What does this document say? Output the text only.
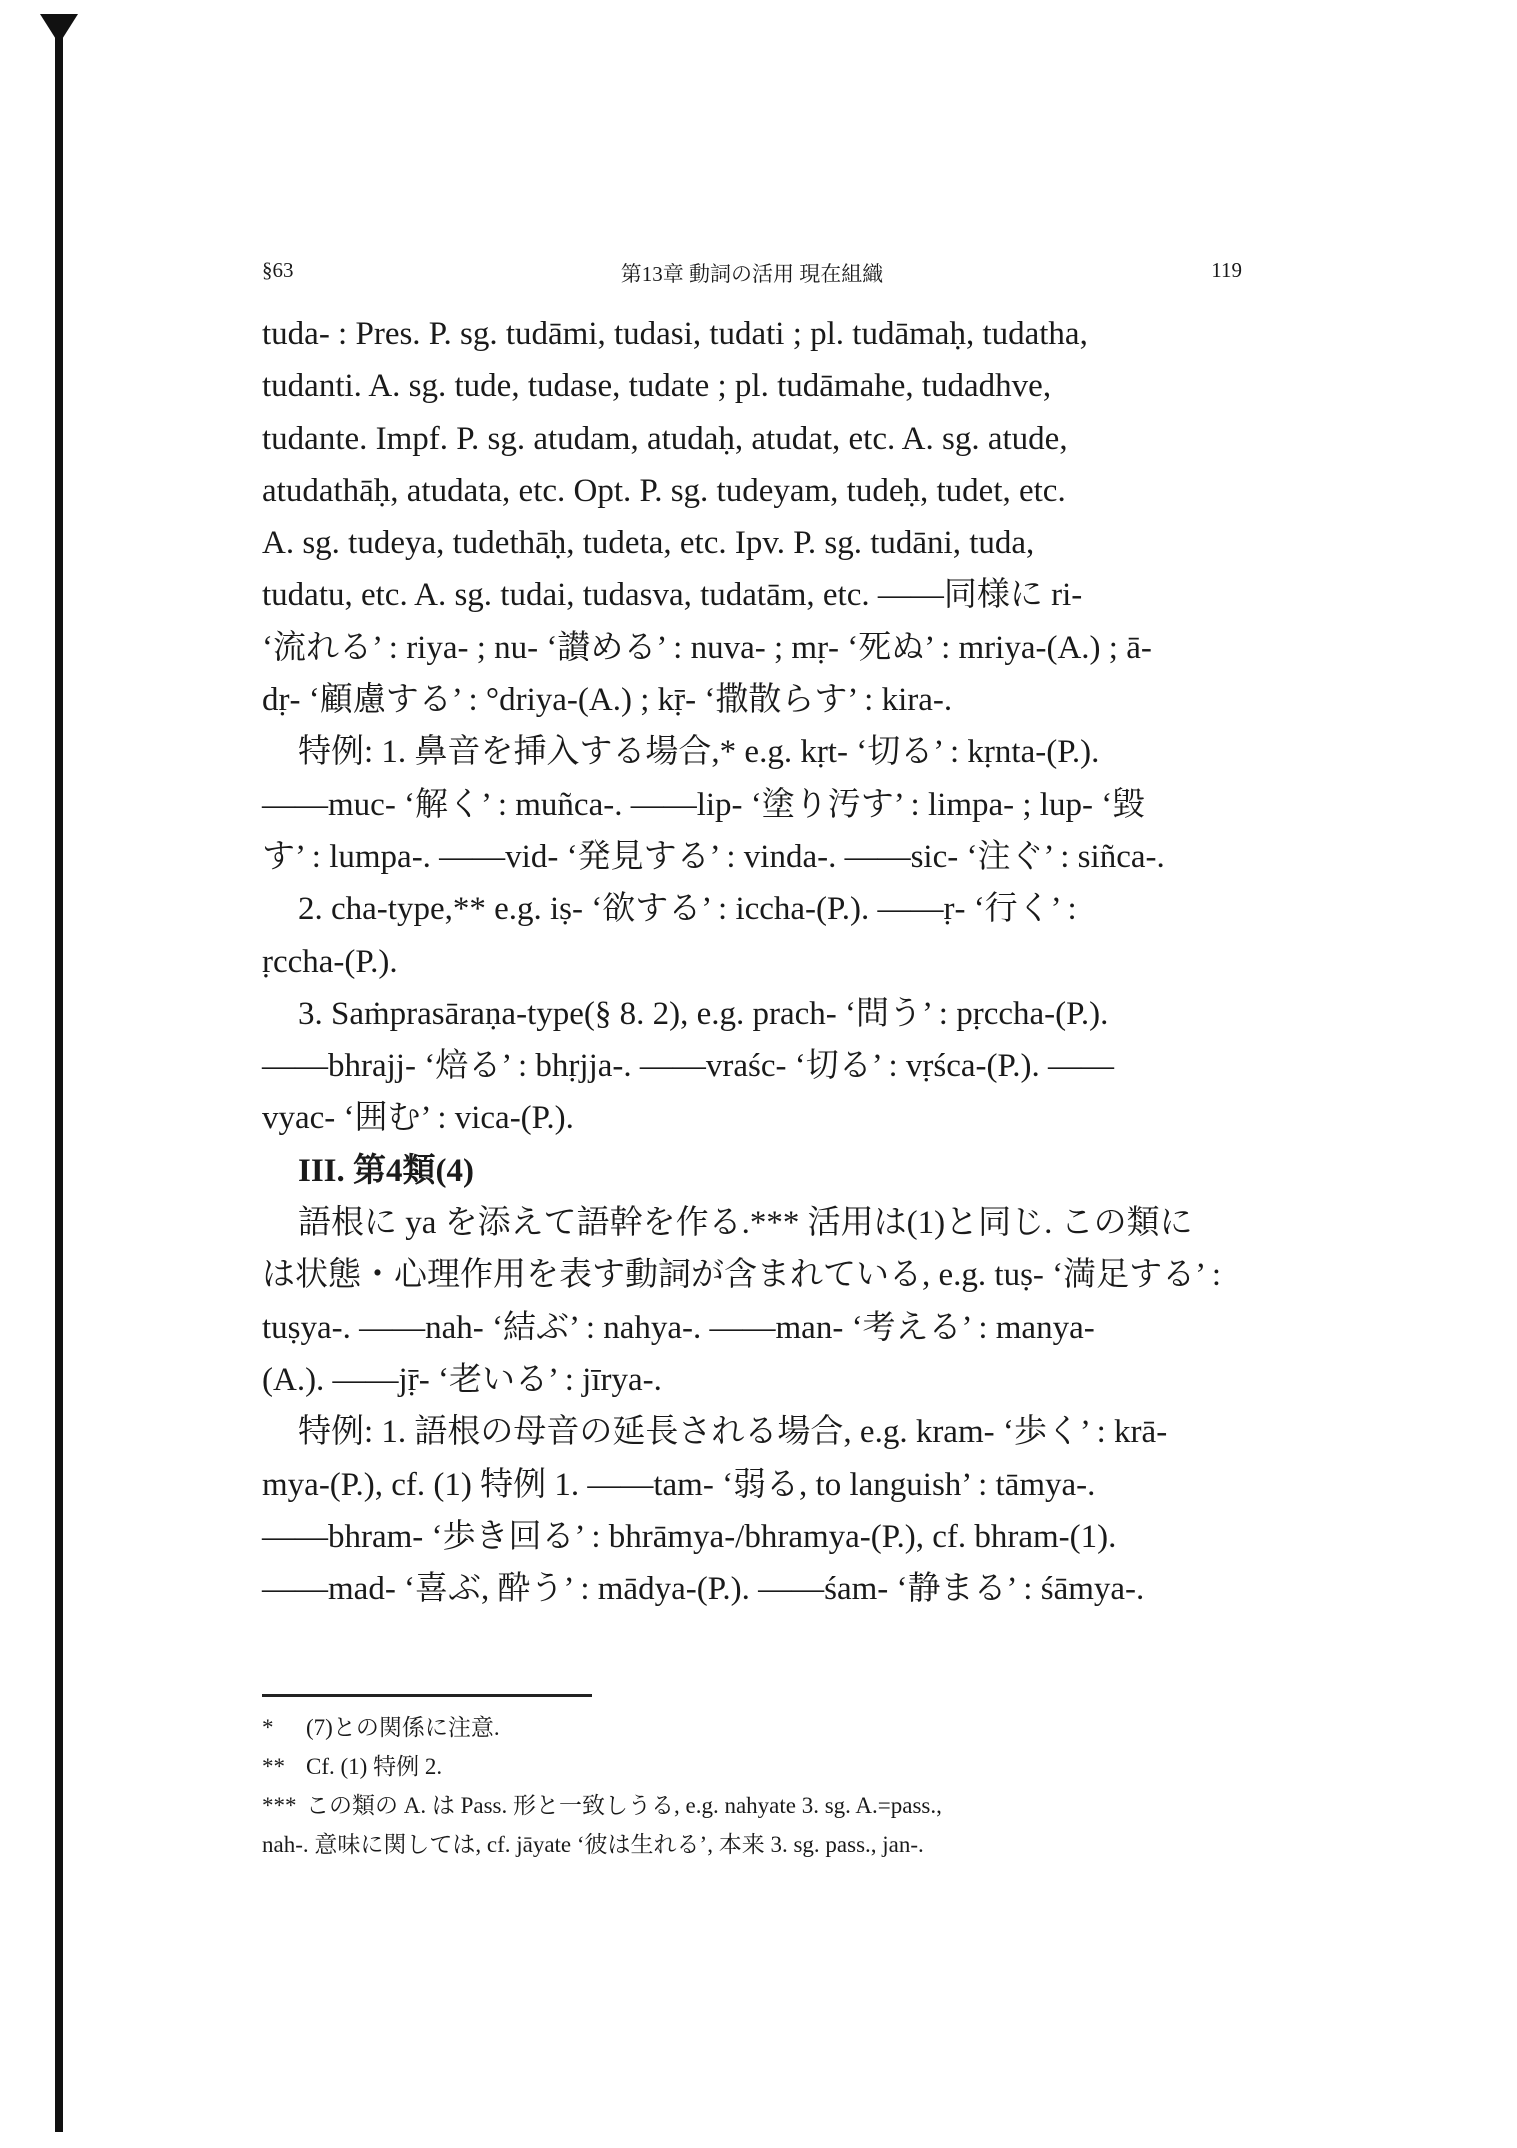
§63	第13章 動詞の活用 現在組織	119
tuda- : Pres. P. sg. tudāmi, tudasi, tudati ; pl. tudāmaḥ, tudatha,
tudanti. A. sg. tude, tudase, tudate ; pl. tudāmahe, tudadhve,
tudante. Impf. P. sg. atudam, atudaḥ, atudat, etc. A. sg. atude,
atudathāḥ, atudata, etc. Opt. P. sg. tudeyam, tudeḥ, tudet, etc.
A. sg. tudeya, tudethāḥ, tudeta, etc. Ipv. P. sg. tudāni, tuda,
tudatu, etc. A. sg. tudai, tudasva, tudatām, etc. ——同様に ri-
‘流れる’ : riya- ; nu- ‘讃める’ : nuva- ; mṛ- ‘死ぬ’ : mriya-(A.) ; ā-
dṛ- ‘顧慮する’ : °driya-(A.) ; kṝ- ‘撒散らす’ : kira-.
特例: 1. 鼻音を挿入する場合,* e.g. kṛt- ‘切る’ : kṛnta-(P.).
——muc- ‘解く’ : muñca-. ——lip- ‘塗り汚す’ : limpa- ; lup- ‘毀
す’ : lumpa-. ——vid- ‘発見する’ : vinda-. ——sic- ‘注ぐ’ : siñca-.
2. cha-type,** e.g. iṣ- ‘欲する’ : iccha-(P.). ——ṛ- ‘行く’ :
ṛccha-(P.).
3. Saṁprasāraṇa-type(§ 8. 2), e.g. prach- ‘問う’ : pṛccha-(P.).
——bhrajj- ‘焙る’ : bhṛjja-. ——vraśc- ‘切る’ : vṛśca-(P.). ——
vyac- ‘囲む’ : vica-(P.).
III. 第4類(4)
語根に ya を添えて語幹を作る.*** 活用は(1)と同じ. この類に
は状態・心理作用を表す動詞が含まれている, e.g. tuṣ- ‘満足する’ :
tuṣya-. ——nah- ‘結ぶ’ : nahya-. ——man- ‘考える’ : manya-
(A.). ——jṝ- ‘老いる’ : jīrya-.
特例: 1. 語根の母音の延長される場合, e.g. kram- ‘歩く’ : krā-
mya-(P.), cf. (1) 特例 1. ——tam- ‘弱る, to languish’ : tāmya-.
——bhram- ‘歩き回る’ : bhrāmya-/bhramya-(P.), cf. bhram-(1).
——mad- ‘喜ぶ, 酔う’ : mādya-(P.). ——śam- ‘静まる’ : śāmya-.
* (7)との関係に注意.
** Cf. (1) 特例 2.
*** この類の A. は Pass. 形と一致しうる, e.g. nahyate 3. sg. A.=pass.,
nah-. 意味に関しては, cf. jāyate ‘彼は生れる’, 本来 3. sg. pass., jan-.
